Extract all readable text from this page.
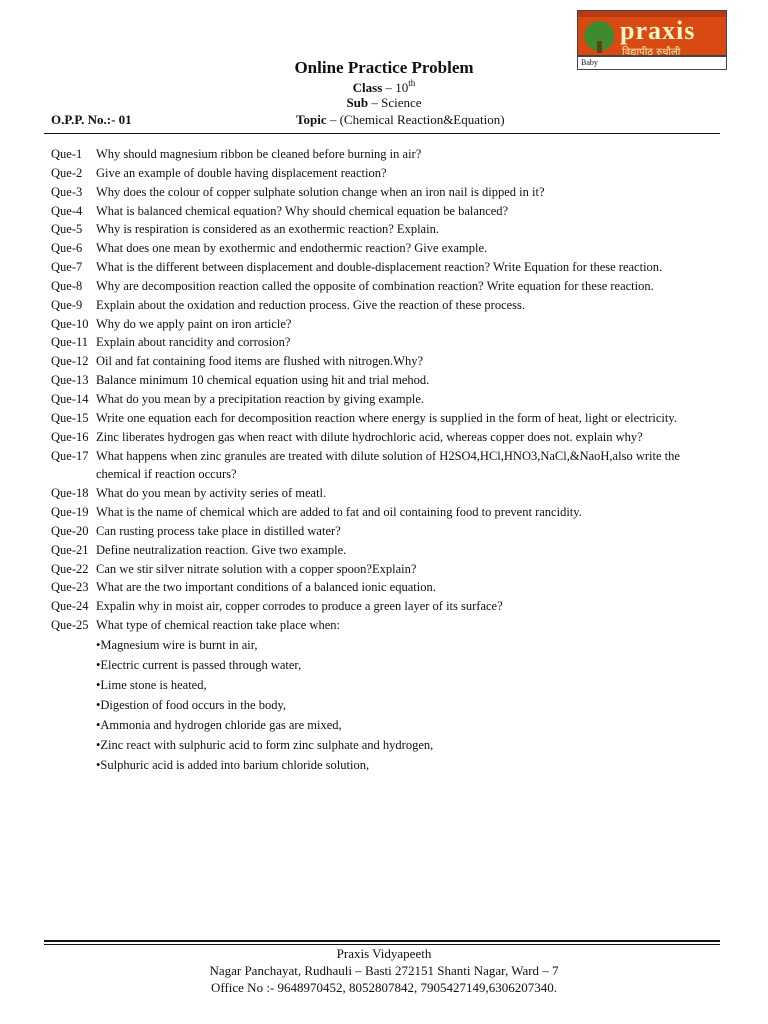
praxis
विद्यापीठ रुधौली
Baby
Online Practice Problem
Class – 10th
Sub – Science
O.P.P. No.:- 01	Topic – (Chemical Reaction&Equation)
Que-1	Why should magnesium ribbon be cleaned before burning in air?
Que-2	Give an example of double having displacement reaction?
Que-3	Why does the colour of copper sulphate solution change when an iron nail is dipped in it?
Que-4	What is balanced chemical equation? Why should chemical equation be balanced?
Que-5	Why is respiration is considered as an exothermic reaction? Explain.
Que-6	What does one mean by exothermic and endothermic reaction? Give example.
Que-7	What is the different between displacement and double-displacement reaction? Write Equation for these reaction.
Que-8	Why are decomposition reaction called the opposite of combination reaction? Write equation for these reaction.
Que-9	Explain about the oxidation and reduction process. Give the reaction of these process.
Que-10 Why do we apply paint on iron article?
Que-11 Explain about rancidity and corrosion?
Que-12 Oil and fat containing food items are flushed with nitrogen.Why?
Que-13 Balance minimum 10 chemical equation using hit and trial mehod.
Que-14 What do you mean by a precipitation reaction by giving example.
Que-15 Write one equation each for decomposition reaction where energy is supplied in the form of heat, light or electricity.
Que-16 Zinc liberates hydrogen gas when react with dilute hydrochloric acid, whereas copper does not. explain why?
Que-17 What happens when zinc granules are treated with dilute solution of H2SO4,HCl,HNO3,NaCl,&NaoH,also write the chemical if reaction occurs?
Que-18 What do you mean by activity series of meatl.
Que-19 What is the name of chemical which are added to fat and oil containing food to prevent rancidity.
Que-20 Can rusting process take place in distilled water?
Que-21 Define neutralization reaction. Give two example.
Que-22 Can we stir silver nitrate solution with a copper spoon?Explain?
Que-23 What are the two important conditions of a balanced ionic equation.
Que-24 Expalin why in moist air, copper corrodes to produce a green layer of its surface?
Que-25 What type of chemical reaction take place when:
• Magnesium wire is burnt in air,
• Electric current is passed through water,
• Lime stone is heated,
• Digestion of food occurs in the body,
• Ammonia and hydrogen chloride gas are mixed,
• Zinc react with sulphuric acid to form zinc sulphate and hydrogen,
• Sulphuric acid is added into barium chloride solution,
Praxis Vidyapeeth
Nagar Panchayat, Rudhauli – Basti 272151 Shanti Nagar, Ward – 7
Office No :- 9648970452, 8052807842, 7905427149,6306207340.
